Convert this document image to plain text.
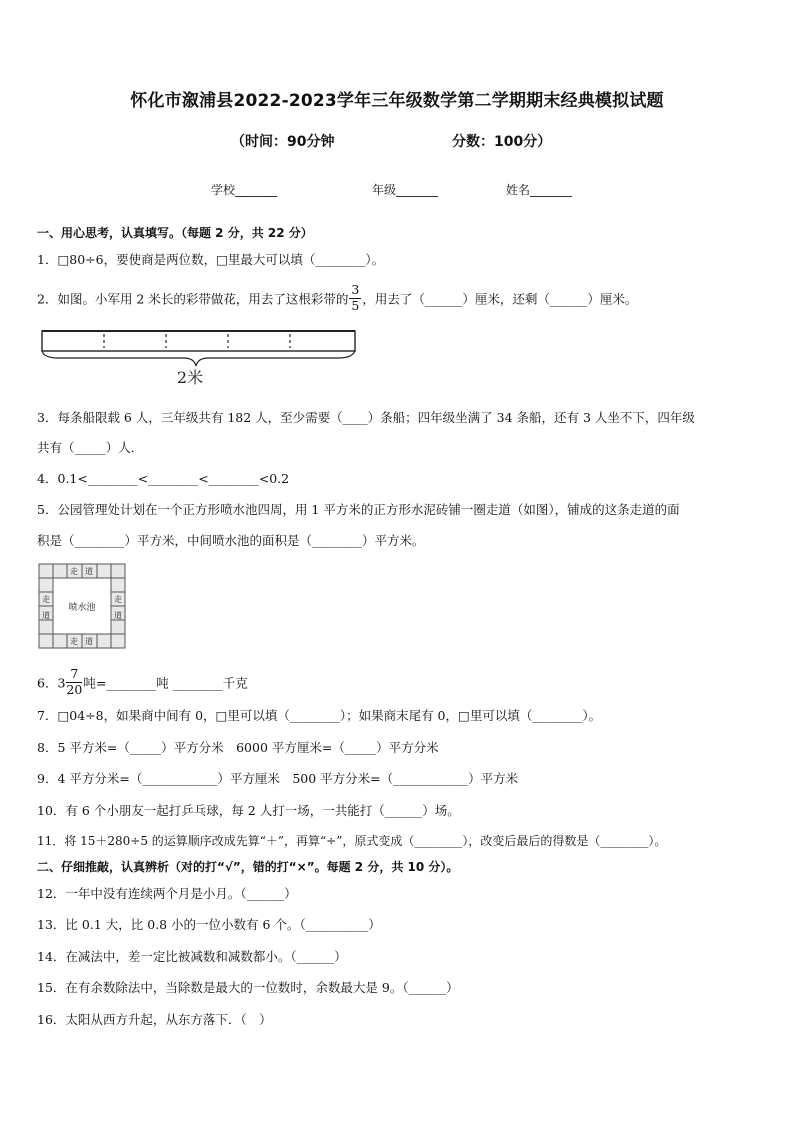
怀化市溆浦县2022-2023学年三年级数学第二学期期末经典模拟试题
（时间：90分钟	分数：100分）
学校_______	年级_______	姓名_______
一、用心思考，认真填写。（每题 2 分，共 22 分）
1．□80÷6，要使商是两位数，□里最大可以填（________）。
2．如图。小军用 2 米长的彩带做花，用去了这根彩带的 $\frac{3}{5}$ ，用去了（______）厘米，还剩（______）厘米。
2米
3．每条船限载 6 人，三年级共有 182 人，至少需要（____）条船；四年级坐满了 34 条船，还有 3 人坐不下，四年级
共有（_____）人．
4．0.1<________<________<________<0.2
5．公园管理处计划在一个正方形喷水池四周，用 1 平方米的正方形水泥砖铺一圈走道（如图），铺成的这条走道的面
积是（________）平方米，中间喷水池的面积是（________）平方米。
喷水池
走 道
走 道
走
道
走
道
6．$3 \frac{7}{20}$ 吨=________吨 ________千克
7．□04÷8，如果商中间有 0，□里可以填（________）；如果商末尾有 0，□里可以填（________）。
8．5 平方米=（_____）平方分米　6000 平方厘米=（_____）平方分米
9．4 平方分米=（____________）平方厘米　500 平方分米=（____________）平方米
10．有 6 个小朋友一起打乒乓球，每 2 人打一场，一共能打（______）场。
11．将 15＋280÷5 的运算顺序改成先算“＋”，再算“÷”，原式变成（________），改变后最后的得数是（________）。
二、仔细推敲，认真辨析（对的打“√”，错的打“×”。每题 2 分，共 10 分）。
12．一年中没有连续两个月是小月。（______）
13．比 0.1 大，比 0.8 小的一位小数有 6 个。（__________）
14．在减法中，差一定比被减数和减数都小。（______）
15．在有余数除法中，当除数是最大的一位数时，余数最大是 9。（______）
16．太阳从西方升起，从东方落下．（　）
